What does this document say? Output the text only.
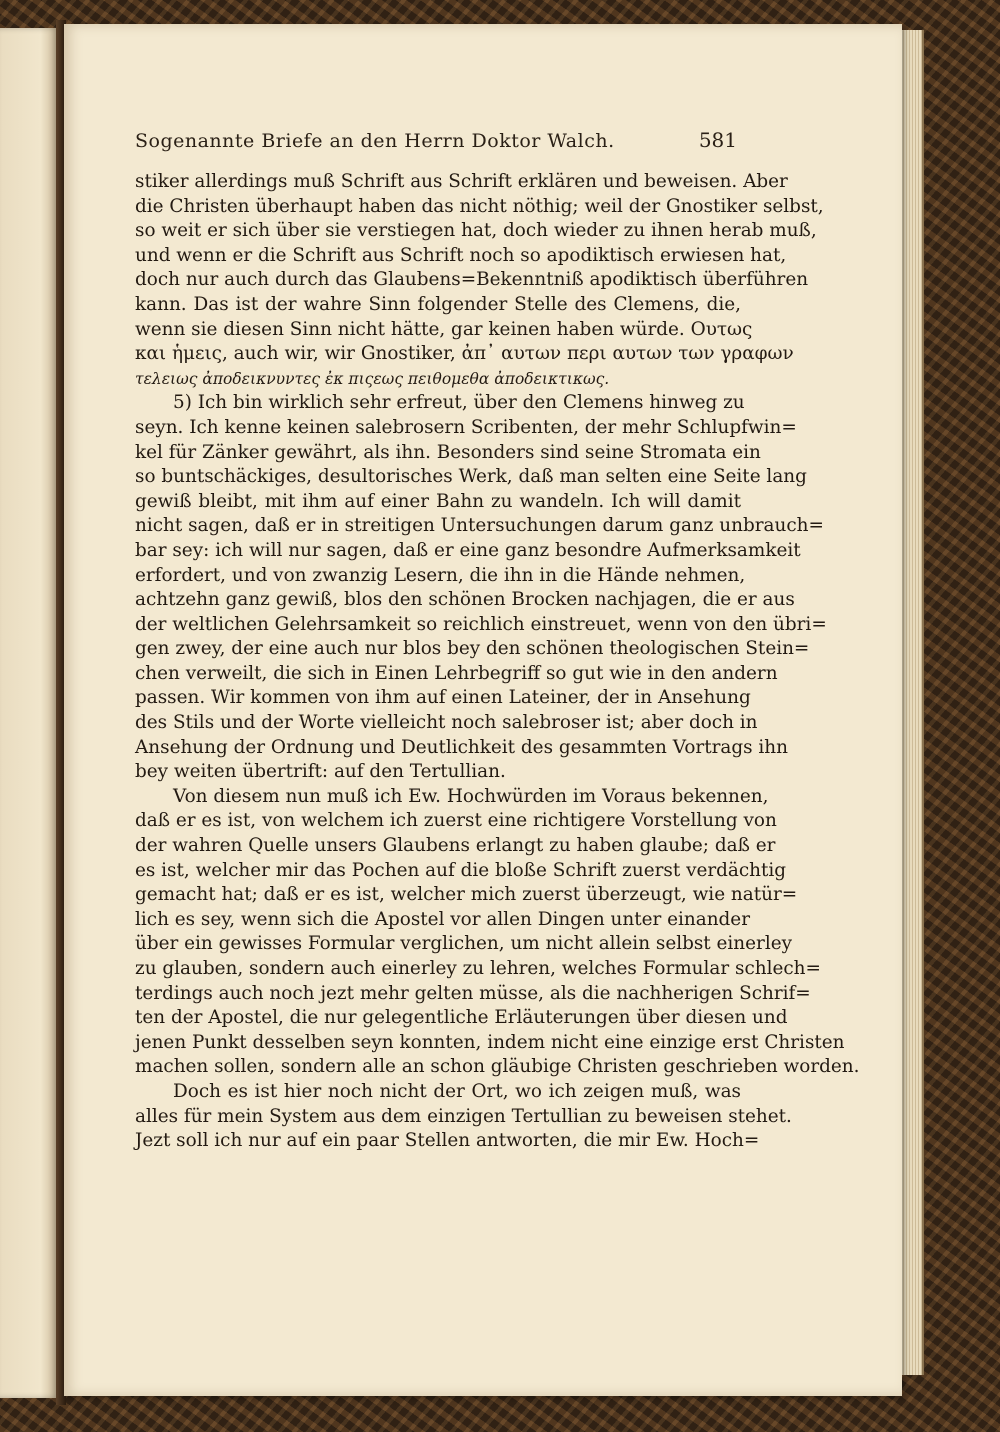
Sogenannte Briefe an den Herrn Doktor Walch.	581
stiker allerdings muß Schrift aus Schrift erklären und beweisen. Aber
die Christen überhaupt haben das nicht nöthig; weil der Gnostiker selbst,
so weit er sich über sie verstiegen hat, doch wieder zu ihnen herab muß,
und wenn er die Schrift aus Schrift noch so apodiktisch erwiesen hat,
doch nur auch durch das Glaubens=Bekenntniß apodiktisch überführen
kann. Das ist der wahre Sinn folgender Stelle des Clemens, die,
wenn sie diesen Sinn nicht hätte, gar keinen haben würde. Ουτως
και ἡμεις, auch wir, wir Gnostiker, ἀπ᾽ αυτων περι αυτων των γραφων
τελειως ἀποδεικνυντες ἐκ πιςεως πειθομεθα ἀποδεικτικως.
5) Ich bin wirklich sehr erfreut, über den Clemens hinweg zu
seyn. Ich kenne keinen salebrosern Scribenten, der mehr Schlupfwin=
kel für Zänker gewährt, als ihn. Besonders sind seine Stromata ein
so buntschäckiges, desultorisches Werk, daß man selten eine Seite lang
gewiß bleibt, mit ihm auf einer Bahn zu wandeln. Ich will damit
nicht sagen, daß er in streitigen Untersuchungen darum ganz unbrauch=
bar sey: ich will nur sagen, daß er eine ganz besondre Aufmerksamkeit
erfordert, und von zwanzig Lesern, die ihn in die Hände nehmen,
achtzehn ganz gewiß, blos den schönen Brocken nachjagen, die er aus
der weltlichen Gelehrsamkeit so reichlich einstreuet, wenn von den übri=
gen zwey, der eine auch nur blos bey den schönen theologischen Stein=
chen verweilt, die sich in Einen Lehrbegriff so gut wie in den andern
passen. Wir kommen von ihm auf einen Lateiner, der in Ansehung
des Stils und der Worte vielleicht noch salebroser ist; aber doch in
Ansehung der Ordnung und Deutlichkeit des gesammten Vortrags ihn
bey weiten übertrift: auf den Tertullian.
Von diesem nun muß ich Ew. Hochwürden im Voraus bekennen,
daß er es ist, von welchem ich zuerst eine richtigere Vorstellung von
der wahren Quelle unsers Glaubens erlangt zu haben glaube; daß er
es ist, welcher mir das Pochen auf die bloße Schrift zuerst verdächtig
gemacht hat; daß er es ist, welcher mich zuerst überzeugt, wie natür=
lich es sey, wenn sich die Apostel vor allen Dingen unter einander
über ein gewisses Formular verglichen, um nicht allein selbst einerley
zu glauben, sondern auch einerley zu lehren, welches Formular schlech=
terdings auch noch jezt mehr gelten müsse, als die nachherigen Schrif=
ten der Apostel, die nur gelegentliche Erläuterungen über diesen und
jenen Punkt desselben seyn konnten, indem nicht eine einzige erst Christen
machen sollen, sondern alle an schon gläubige Christen geschrieben worden.
Doch es ist hier noch nicht der Ort, wo ich zeigen muß, was
alles für mein System aus dem einzigen Tertullian zu beweisen stehet.
Jezt soll ich nur auf ein paar Stellen antworten, die mir Ew. Hoch=
